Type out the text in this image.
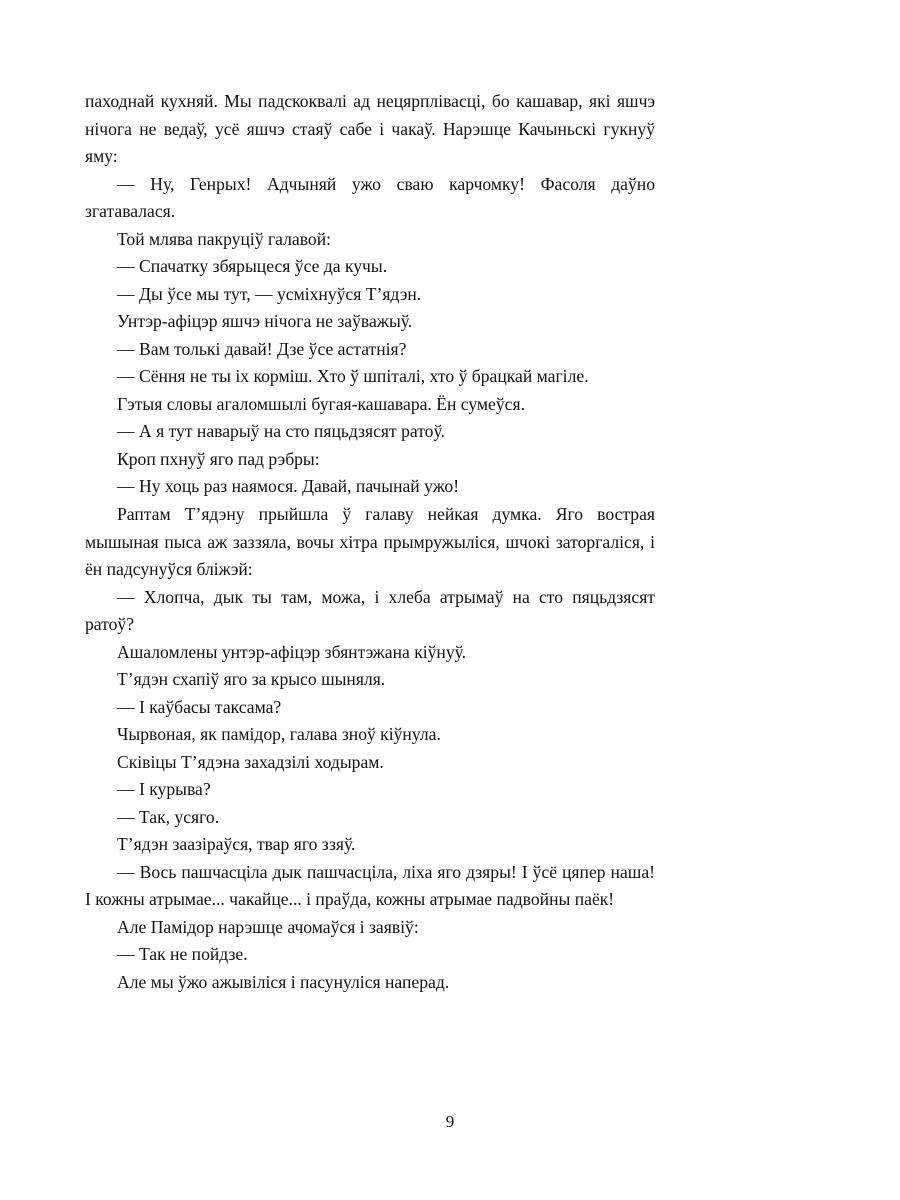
паходнай кухняй. Мы падскоквалі ад нецярплівасці, бо кашавар, які яшчэ нічога не ведаў, усё яшчэ стаяў сабе і чакаў. Нарэшце Качыньскі гукнуў яму:

— Ну, Генрых! Адчыняй ужо сваю карчомку! Фасоля даўно згатавалася.

Той млява пакруціў галавой:

— Спачатку збярыцеся ўсе да кучы.

— Ды ўсе мы тут, — усміхнуўся Т’ядэн.

Унтэр-афіцэр яшчэ нічога не заўважыў.

— Вам толькі давай! Дзе ўсе астатнія?

— Сёння не ты іх корміш. Хто ў шпіталі, хто ў брацкай магіле.

Гэтыя словы агаломшылі бугая-кашавара. Ён сумеўся.

— А я тут наварыў на сто пяцьдзясят ратоў.

Кроп пхнуў яго пад рэбры:

— Ну хоць раз наямося. Давай, пачынай ужо!

Раптам Т’ядэну прыйшла ў галаву нейкая думка. Яго вострая мышыная пыса аж заззяла, вочы хітра прымружыліся, шчокі заторгаліся, і ён падсунуўся бліжэй:

— Хлопча, дык ты там, можа, і хлеба атрымаў на сто пяцьдзясят ратоў?

Ашаломлены унтэр-афіцэр збянтэжана кіўнуў.

Т’ядэн схапіў яго за крысо шыняля.

— І каўбасы таксама?

Чырвоная, як памідор, галава зноў кіўнула.

Сківіцы Т’ядэна захадзілі ходырам.

— І курыва?

— Так, усяго.

Т’ядэн заазіраўся, твар яго ззяў.

— Вось пашчасціла дык пашчасціла, ліха яго дзяры! І ўсё цяпер наша! І кожны атрымае... чакайце... і праўда, кожны атрымае падвойны паёк!

Але Памідор нарэшце ачомаўся і заявіў:

— Так не пойдзе.

Але мы ўжо ажывіліся і пасунуліся наперад.

9
